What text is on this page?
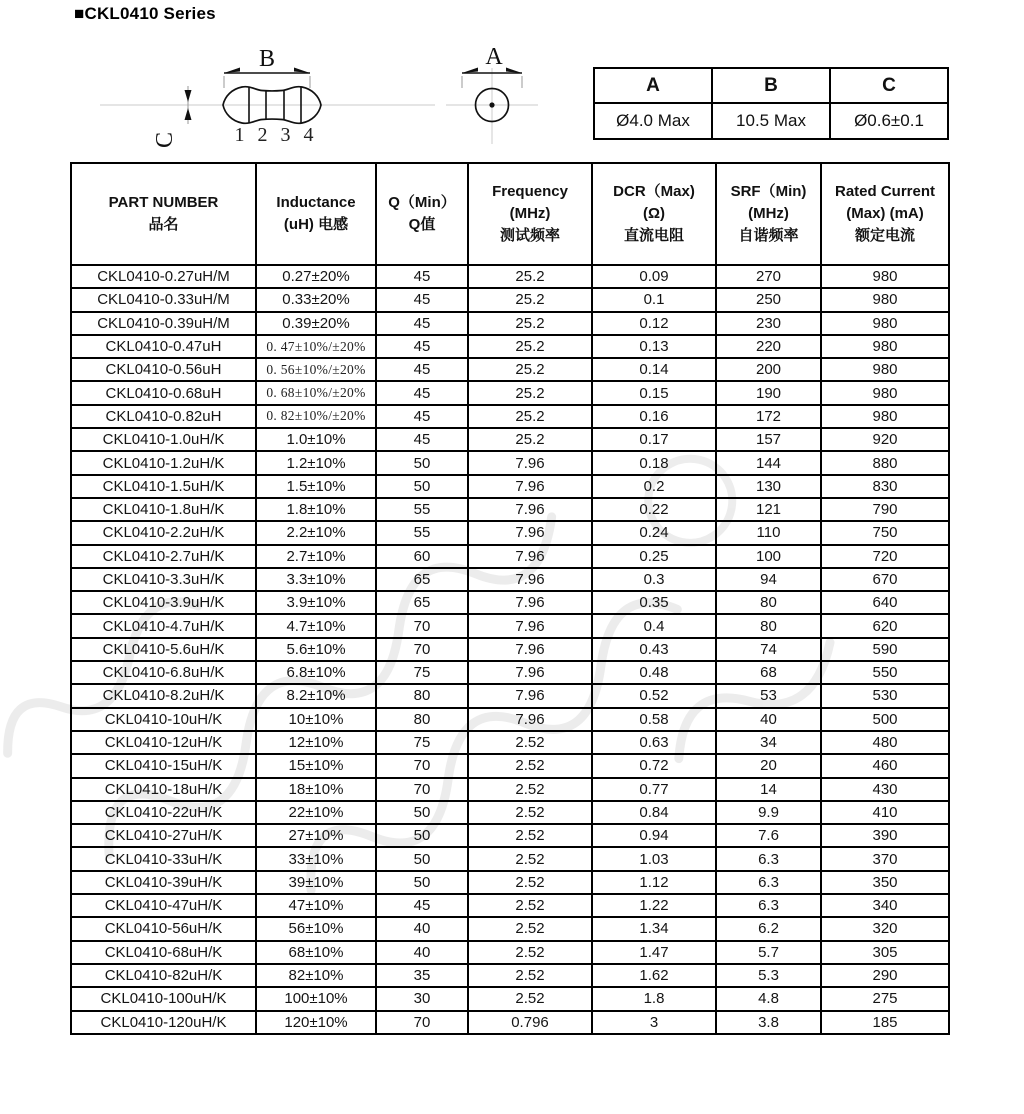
■CKL0410 Series
B
C	1 2 3 4
A
A	B	C
Ø4.0 Max	10.5 Max	Ø0.6±0.1
PART NUMBER
品名

Inductance
(uH) 电感

Q（Min）
Q值

Frequency
(MHz)
测试频率

DCR（Max)
(Ω)
直流电阻

SRF（Min)
(MHz)
自谐频率

Rated Current
(Max) (mA)
额定电流

CKL0410-0.27uH/M	0.27±20%	45	25.2	0.09	270	980
CKL0410-0.33uH/M	0.33±20%	45	25.2	0.1	250	980
CKL0410-0.39uH/M	0.39±20%	45	25.2	0.12	230	980
CKL0410-0.47uH	0. 47±10%/±20%	45	25.2	0.13	220	980
CKL0410-0.56uH	0. 56±10%/±20%	45	25.2	0.14	200	980
CKL0410-0.68uH	0. 68±10%/±20%	45	25.2	0.15	190	980
CKL0410-0.82uH	0. 82±10%/±20%	45	25.2	0.16	172	980
CKL0410-1.0uH/K	1.0±10%	45	25.2	0.17	157	920
CKL0410-1.2uH/K	1.2±10%	50	7.96	0.18	144	880
CKL0410-1.5uH/K	1.5±10%	50	7.96	0.2	130	830
CKL0410-1.8uH/K	1.8±10%	55	7.96	0.22	121	790
CKL0410-2.2uH/K	2.2±10%	55	7.96	0.24	110	750
CKL0410-2.7uH/K	2.7±10%	60	7.96	0.25	100	720
CKL0410-3.3uH/K	3.3±10%	65	7.96	0.3	94	670
CKL0410-3.9uH/K	3.9±10%	65	7.96	0.35	80	640
CKL0410-4.7uH/K	4.7±10%	70	7.96	0.4	80	620
CKL0410-5.6uH/K	5.6±10%	70	7.96	0.43	74	590
CKL0410-6.8uH/K	6.8±10%	75	7.96	0.48	68	550
CKL0410-8.2uH/K	8.2±10%	80	7.96	0.52	53	530
CKL0410-10uH/K	10±10%	80	7.96	0.58	40	500
CKL0410-12uH/K	12±10%	75	2.52	0.63	34	480
CKL0410-15uH/K	15±10%	70	2.52	0.72	20	460
CKL0410-18uH/K	18±10%	70	2.52	0.77	14	430
CKL0410-22uH/K	22±10%	50	2.52	0.84	9.9	410
CKL0410-27uH/K	27±10%	50	2.52	0.94	7.6	390
CKL0410-33uH/K	33±10%	50	2.52	1.03	6.3	370
CKL0410-39uH/K	39±10%	50	2.52	1.12	6.3	350
CKL0410-47uH/K	47±10%	45	2.52	1.22	6.3	340
CKL0410-56uH/K	56±10%	40	2.52	1.34	6.2	320
CKL0410-68uH/K	68±10%	40	2.52	1.47	5.7	305
CKL0410-82uH/K	82±10%	35	2.52	1.62	5.3	290
CKL0410-100uH/K	100±10%	30	2.52	1.8	4.8	275
CKL0410-120uH/K	120±10%	70	0.796	3	3.8	185
